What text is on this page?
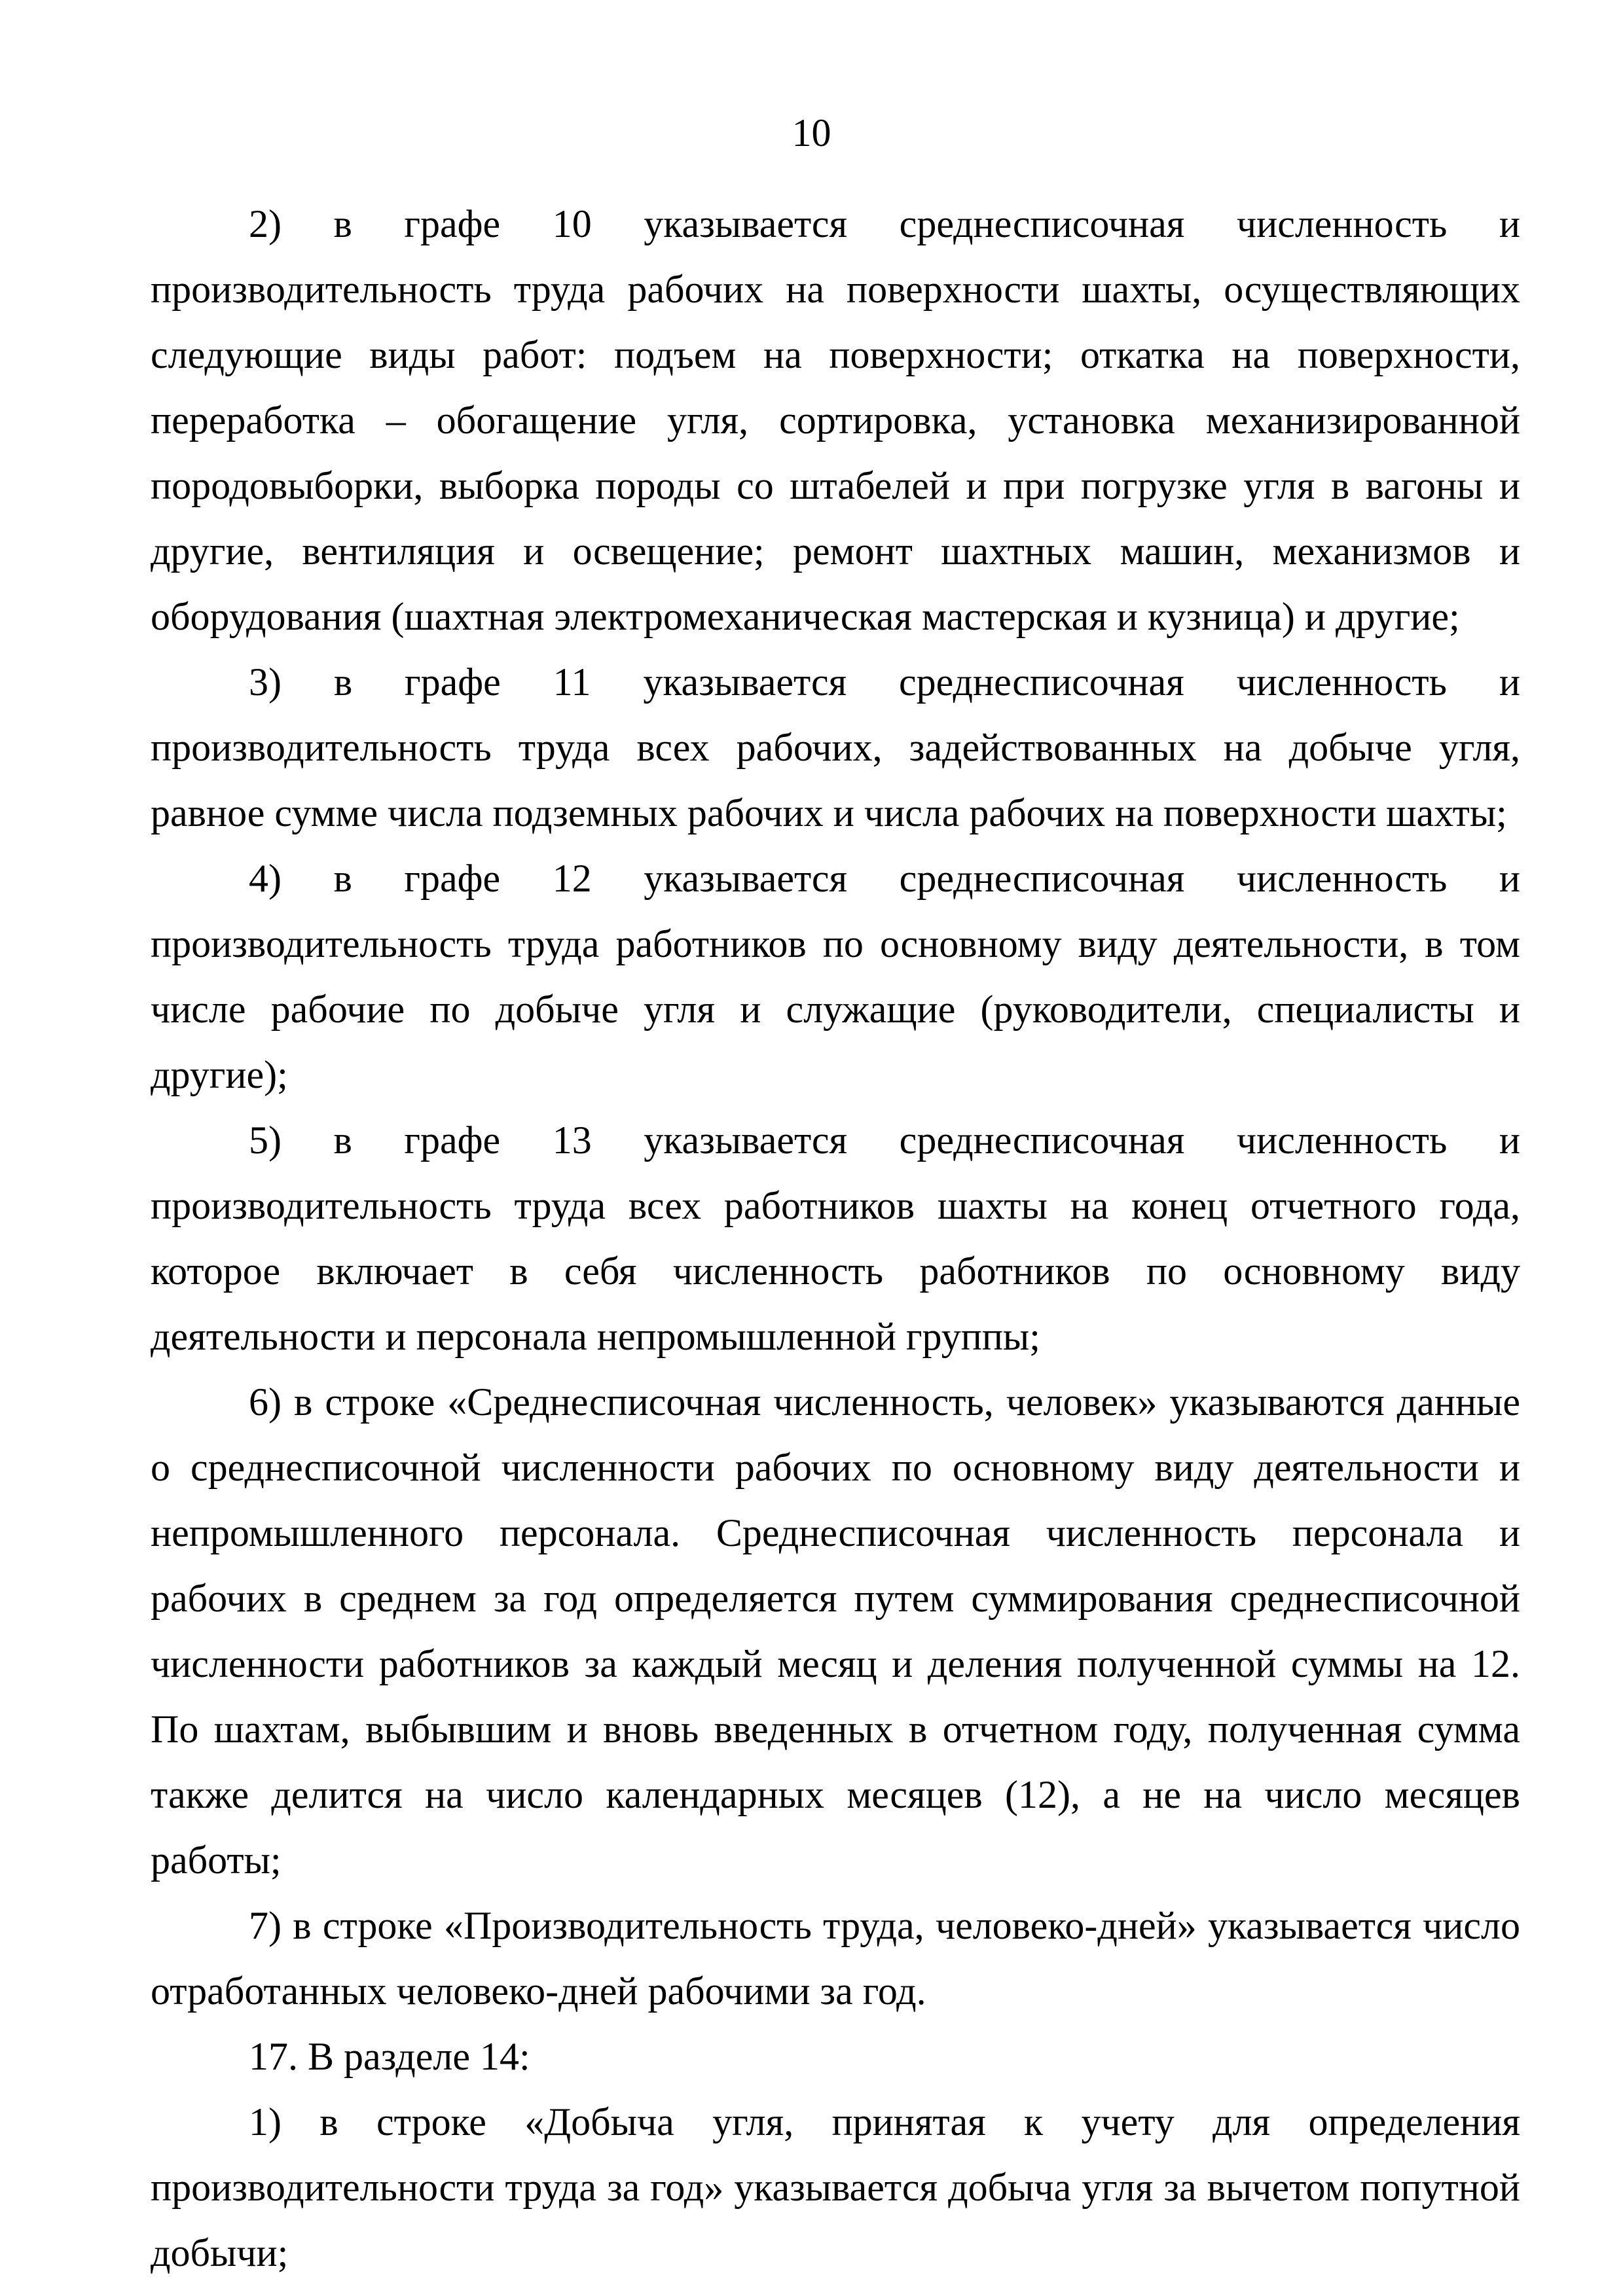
10

2) в графе 10 указывается среднесписочная численность и производительность труда рабочих на поверхности шахты, осуществляющих следующие виды работ: подъем на поверхности; откатка на поверхности, переработка – обогащение угля, сортировка, установка механизированной породовыборки, выборка породы со штабелей и при погрузке угля в вагоны и другие, вентиляция и освещение; ремонт шахтных машин, механизмов и оборудования (шахтная электромеханическая мастерская и кузница) и другие;

3) в графе 11 указывается среднесписочная численность и производительность труда всех рабочих, задействованных на добыче угля, равное сумме числа подземных рабочих и числа рабочих на поверхности шахты;

4) в графе 12 указывается среднесписочная численность и производительность труда работников по основному виду деятельности, в том числе рабочие по добыче угля и служащие (руководители, специалисты и другие);

5) в графе 13 указывается среднесписочная численность и производительность труда всех работников шахты на конец отчетного года, которое включает в себя численность работников по основному виду деятельности и персонала непромышленной группы;

6) в строке «Среднесписочная численность, человек» указываются данные о среднесписочной численности рабочих по основному виду деятельности и непромышленного персонала. Среднесписочная численность персонала и рабочих в среднем за год определяется путем суммирования среднесписочной численности работников за каждый месяц и деления полученной суммы на 12. По шахтам, выбывшим и вновь введенных в отчетном году, полученная сумма также делится на число календарных месяцев (12), а не на число месяцев работы;

7) в строке «Производительность труда, человеко-дней» указывается число отработанных человеко-дней рабочими за год.

17. В разделе 14:

1) в строке «Добыча угля, принятая к учету для определения производительности труда за год» указывается добыча угля за вычетом попутной добычи;
